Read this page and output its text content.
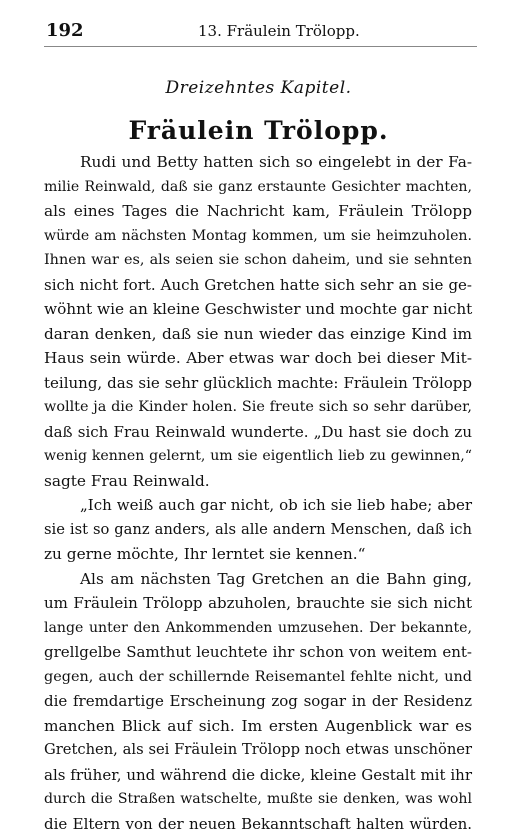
192	13. Fräulein Trölopp.
Dreizehntes Kapitel.
Fräulein Trölopp.
Rudi und Betty hatten sich so eingelebt in der Fa-
milie Reinwald, daß sie ganz erstaunte Gesichter machten,
als eines Tages die Nachricht kam, Fräulein Trölopp
würde am nächsten Montag kommen, um sie heimzuholen.
Ihnen war es, als seien sie schon daheim, und sie sehnten
sich nicht fort. Auch Gretchen hatte sich sehr an sie ge-
wöhnt wie an kleine Geschwister und mochte gar nicht
daran denken, daß sie nun wieder das einzige Kind im
Haus sein würde. Aber etwas war doch bei dieser Mit-
teilung, das sie sehr glücklich machte: Fräulein Trölopp
wollte ja die Kinder holen. Sie freute sich so sehr darüber,
daß sich Frau Reinwald wunderte. „Du hast sie doch zu
wenig kennen gelernt, um sie eigentlich lieb zu gewinnen,“
sagte Frau Reinwald.
„Ich weiß auch gar nicht, ob ich sie lieb habe; aber
sie ist so ganz anders, als alle andern Menschen, daß ich
zu gerne möchte, Ihr lerntet sie kennen.“
Als am nächsten Tag Gretchen an die Bahn ging,
um Fräulein Trölopp abzuholen, brauchte sie sich nicht
lange unter den Ankommenden umzusehen. Der bekannte,
grellgelbe Samthut leuchtete ihr schon von weitem ent-
gegen, auch der schillernde Reisemantel fehlte nicht, und
die fremdartige Erscheinung zog sogar in der Residenz
manchen Blick auf sich. Im ersten Augenblick war es
Gretchen, als sei Fräulein Trölopp noch etwas unschöner
als früher, und während die dicke, kleine Gestalt mit ihr
durch die Straßen watschelte, mußte sie denken, was wohl
die Eltern von der neuen Bekanntschaft halten würden.
